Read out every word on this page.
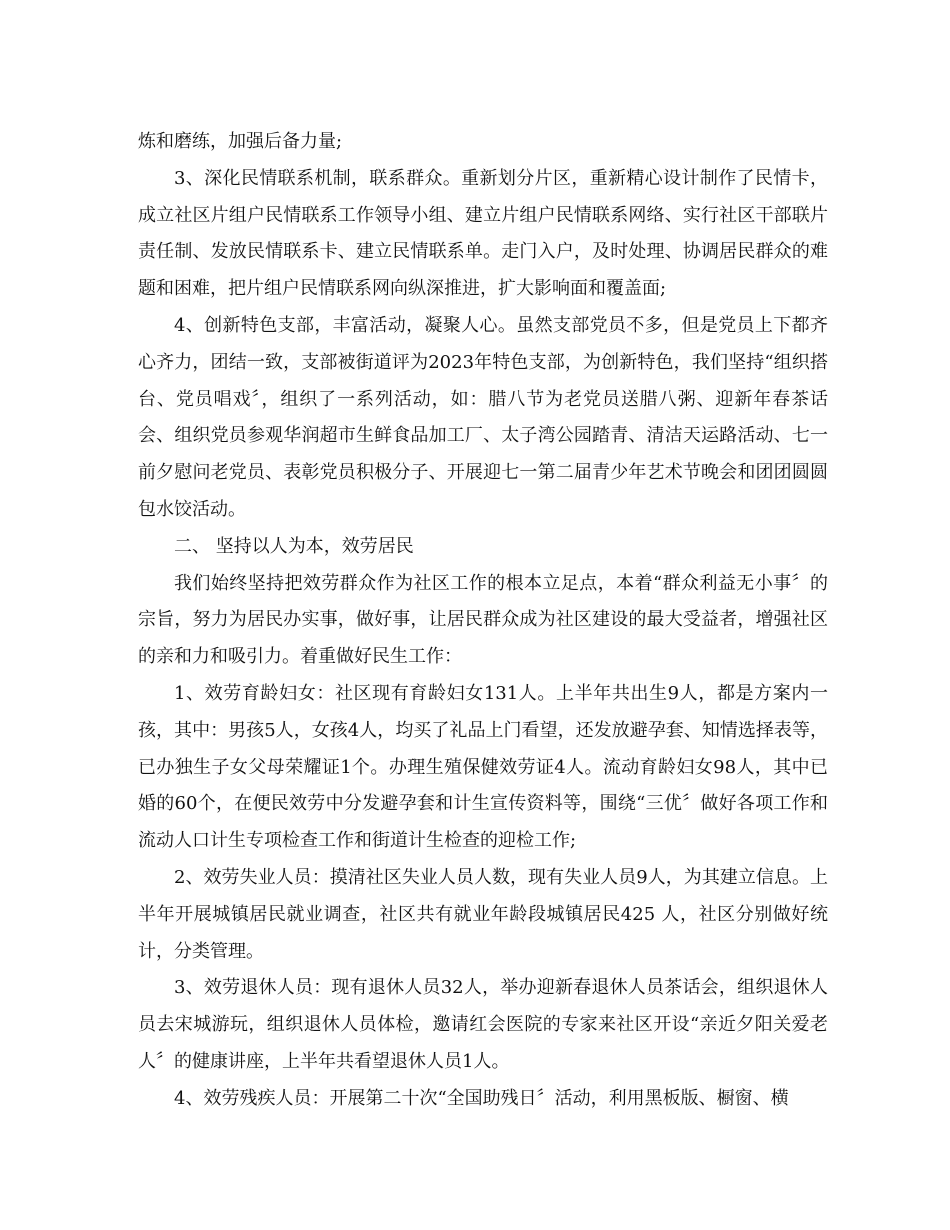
炼和磨练，加强后备力量;

3、深化民情联系机制，联系群众。重新划分片区，重新精心设计制作了民情卡，成立社区片组户民情联系工作领导小组、建立片组户民情联系网络、实行社区干部联片责任制、发放民情联系卡、建立民情联系单。走门入户，及时处理、协调居民群众的难题和困难，把片组户民情联系网向纵深推进，扩大影响面和覆盖面;

4、创新特色支部，丰富活动，凝聚人心。虽然支部党员不多，但是党员上下都齐心齐力，团结一致，支部被街道评为2023年特色支部，为创新特色，我们坚持“组织搭台、党员唱戏〞，组织了一系列活动，如：腊八节为老党员送腊八粥、迎新年春茶话会、组织党员参观华润超市生鲜食品加工厂、太子湾公园踏青、清洁天运路活动、七一前夕慰问老党员、表彰党员积极分子、开展迎七一第二届青少年艺术节晚会和团团圆圆包水饺活动。

二、 坚持以人为本，效劳居民

我们始终坚持把效劳群众作为社区工作的根本立足点，本着“群众利益无小事〞的宗旨，努力为居民办实事，做好事，让居民群众成为社区建设的最大受益者，增强社区的亲和力和吸引力。着重做好民生工作：

1、效劳育龄妇女：社区现有育龄妇女131人。上半年共出生9人，都是方案内一孩，其中：男孩5人，女孩4人，均买了礼品上门看望，还发放避孕套、知情选择表等，已办独生子女父母荣耀证1个。办理生殖保健效劳证4人。流动育龄妇女98人，其中已婚的60个，在便民效劳中分发避孕套和计生宣传资料等，围绕“三优〞做好各项工作和流动人口计生专项检查工作和街道计生检查的迎检工作;

2、效劳失业人员：摸清社区失业人员人数，现有失业人员9人，为其建立信息。上半年开展城镇居民就业调查，社区共有就业年龄段城镇居民425 人，社区分别做好统计，分类管理。

3、效劳退休人员：现有退休人员32人，举办迎新春退休人员茶话会，组织退休人员去宋城游玩，组织退休人员体检，邀请红会医院的专家来社区开设“亲近夕阳关爱老人〞的健康讲座，上半年共看望退休人员1人。

4、效劳残疾人员：开展第二十次“全国助残日〞活动，利用黑板版、橱窗、横
